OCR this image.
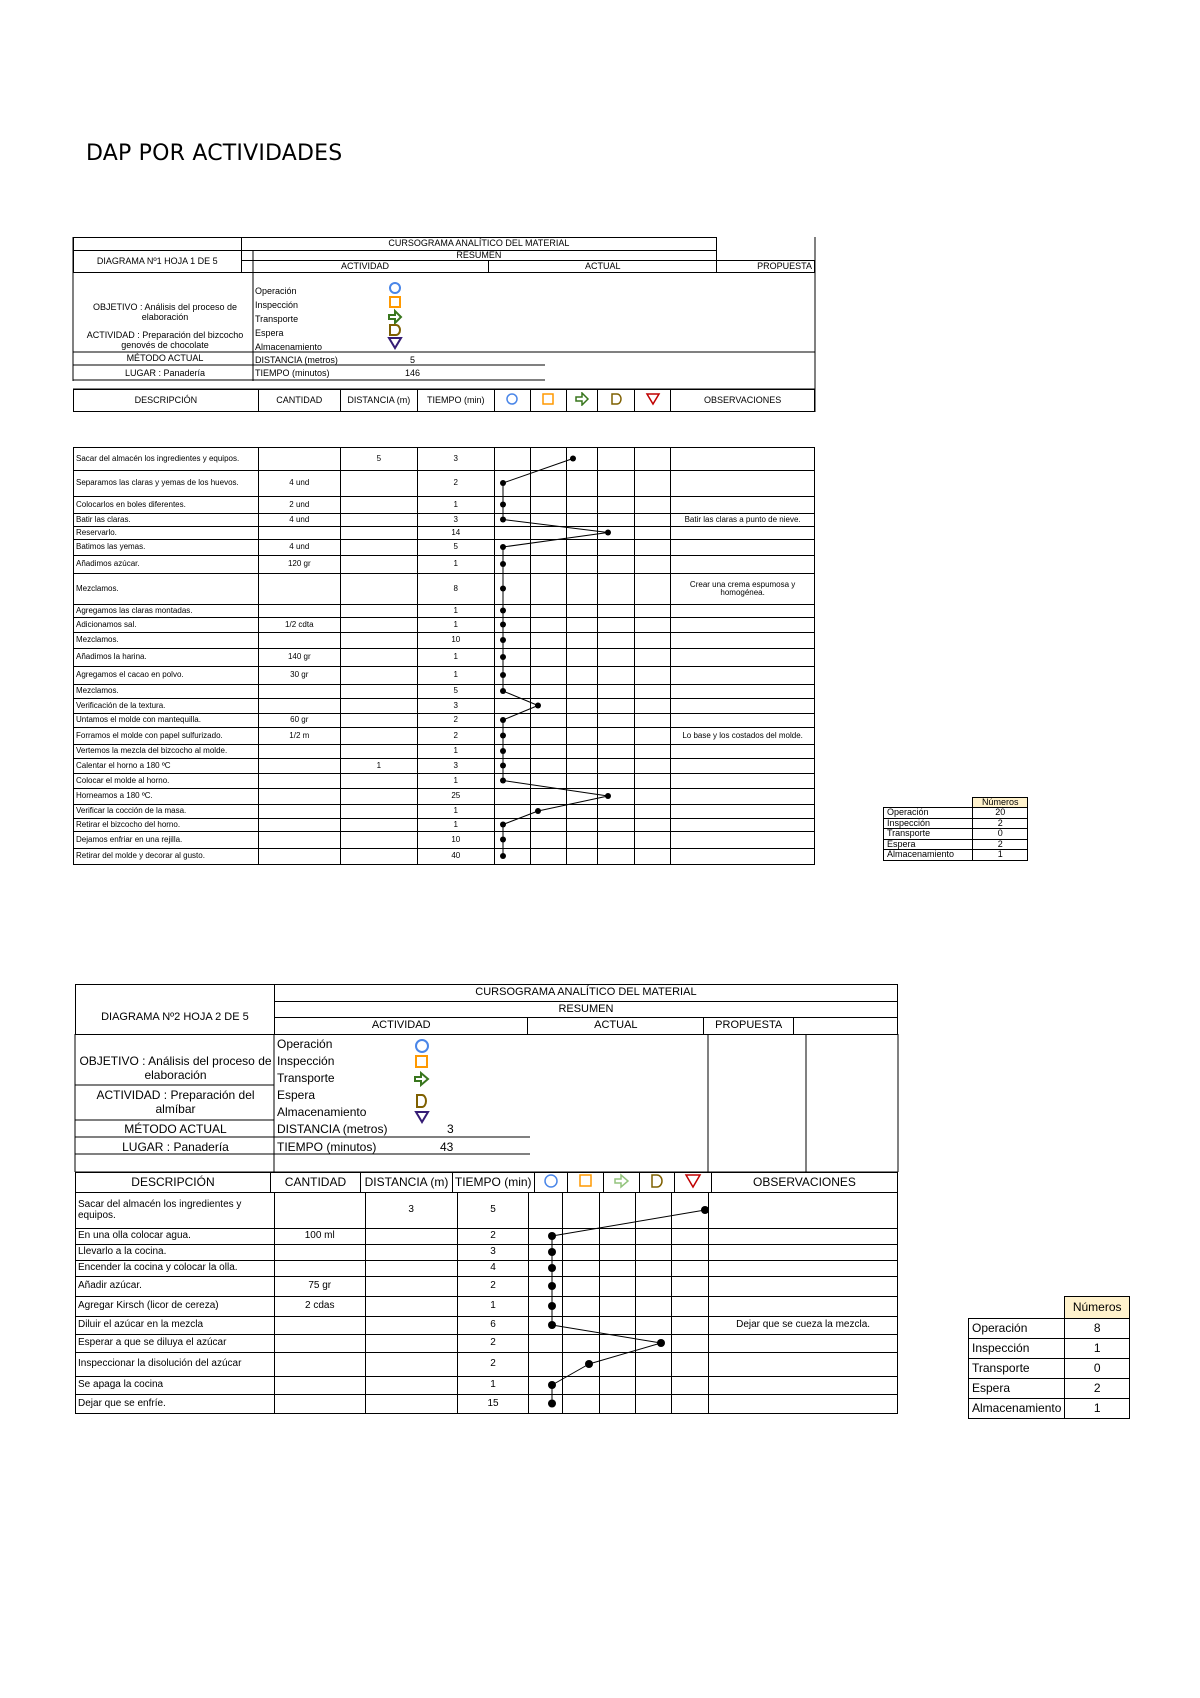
DAP POR ACTIVIDADES
	CURSOGRAMA ANALÍTICO DEL MATERIAL		
DIAGRAMA Nº1 HOJA 1 DE 5	RESUMEN		
	ACTIVIDAD	ACTUAL	PROPUESTA
OBJETIVO : Análisis del proceso de elaboración
ACTIVIDAD : Preparación del bizcocho genovés de chocolate
MÉTODO ACTUAL
LUGAR : Panadería
Operación
Inspección
Transporte
Espera
Almacenamiento
DISTANCIA (metros)	5
TIEMPO (minutos)	146
DESCRIPCIÓN	CANTIDAD	DISTANCIA (m)	TIEMPO (min)						OBSERVACIONES
Sacar del almacén los ingredientes y equipos.		5	3						
Separamos las claras y yemas de los huevos.	4 und		2						
Colocarlos en boles diferentes.	2 und		1						
Batir las claras.	4 und		3						Batir las claras a punto de nieve.
Reservarlo.			14						
Batimos las yemas.	4 und		5						
Añadimos azúcar.	120 gr		1						
Mezclamos.			8						Crear una crema espumosa y homogénea.
Agregamos las claras montadas.			1						
Adicionamos sal.	1/2 cdta		1						
Mezclamos.			10						
Añadimos la harina.	140 gr		1						
Agregamos el cacao en polvo.	30 gr		1						
Mezclamos.			5						
Verificación de la textura.			3						
Untamos el molde con mantequilla.	60 gr		2						
Forramos el molde con papel sulfurizado.	1/2 m		2						Lo base y los costados del molde.
Vertemos la mezcla del bizcocho al molde.			1						
Calentar el horno a 180 ºC		1	3						
Colocar el molde al horno.			1						
Horneamos a 180 ºC.			25						
Verificar la cocción de la masa.			1						
Retirar el bizcocho del horno.			1						
Dejamos enfriar en una rejilla.			10						
Retirar del molde y decorar al gusto.			40						
	Números
Operación	20
Inspección	2
Transporte	0
Espera	2
Almacenamiento	1
	CURSOGRAMA ANALÍTICO DEL MATERIAL			
DIAGRAMA Nº2 HOJA 2 DE 5	RESUMEN			
	ACTIVIDAD	ACTUAL	PROPUESTA	
OBJETIVO : Análisis del proceso de elaboración
ACTIVIDAD : Preparación del almíbar
MÉTODO ACTUAL
LUGAR : Panadería
Operación
Inspección
Transporte
Espera
Almacenamiento
DISTANCIA (metros)	3
TIEMPO (minutos)	43
DESCRIPCIÓN	CANTIDAD	DISTANCIA (m)	TIEMPO (min)						OBSERVACIONES
Sacar del almacén los ingredientes y equipos.		3	5						
En una olla colocar agua.	100 ml		2						
Llevarlo a la cocina.			3						
Encender la cocina y colocar la olla.			4						
Añadir azúcar.	75 gr		2						
Agregar Kirsch (licor de cereza)	2 cdas		1						
Diluir el azúcar en la mezcla			6						Dejar que se cueza la mezcla.
Esperar a que se diluya el azúcar			2						
Inspeccionar la disolución del azúcar			2						
Se apaga la cocina			1						
Dejar que se enfríe.			15						
	Números
Operación	8
Inspección	1
Transporte	0
Espera	2
Almacenamiento	1
